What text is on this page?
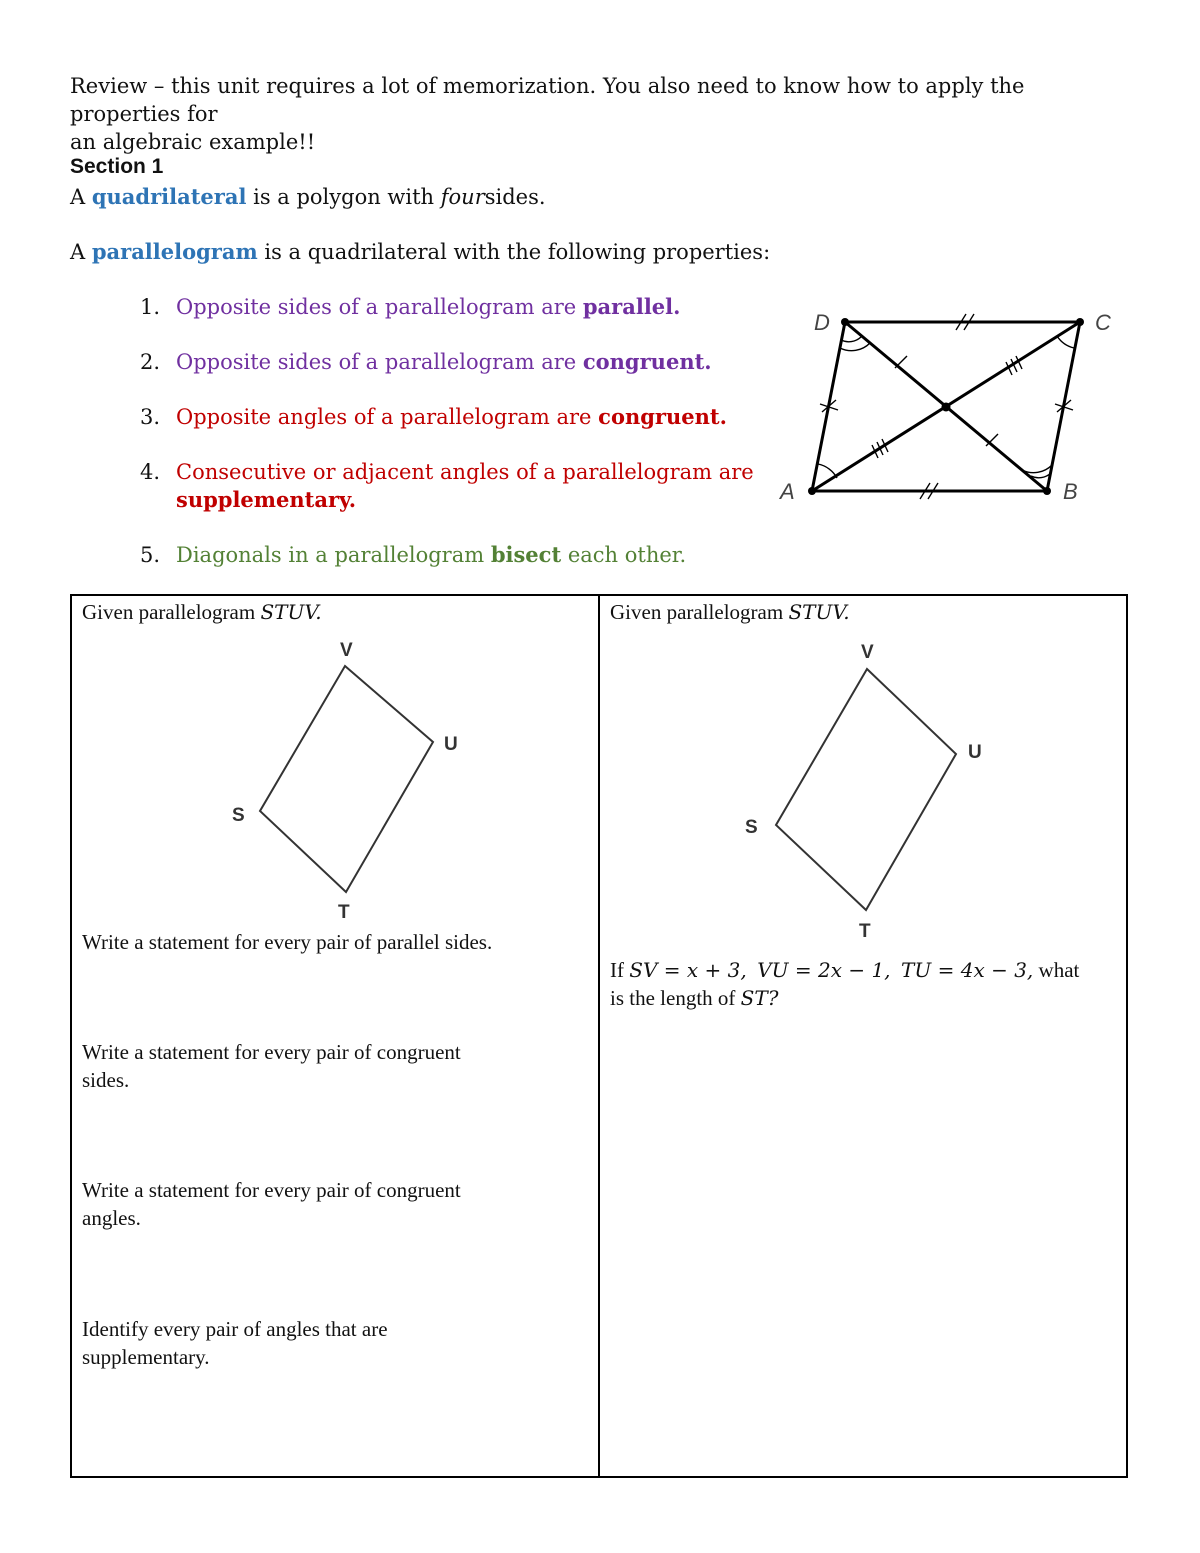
Review – this unit requires a lot of memorization. You also need to know how to apply the properties for
an algebraic example!!
Section 1
A quadrilateral is a polygon with foursides.
A parallelogram is a quadrilateral with the following properties:
1. Opposite sides of a parallelogram are parallel.
2. Opposite sides of a parallelogram are congruent.
3. Opposite angles of a parallelogram are congruent.
4. Consecutive or adjacent angles of a parallelogram are
supplementary.
5. Diagonals in a parallelogram bisect each other.
D	C
A	B
Given parallelogram STUV.
V
U
S
T
Write a statement for every pair of parallel sides.
Write a statement for every pair of congruent
sides.
Write a statement for every pair of congruent
angles.
Identify every pair of angles that are
supplementary.
Given parallelogram STUV.
V
U
S
T
If SV = x + 3, VU = 2x − 1, TU = 4x − 3, what
is the length of ST?
